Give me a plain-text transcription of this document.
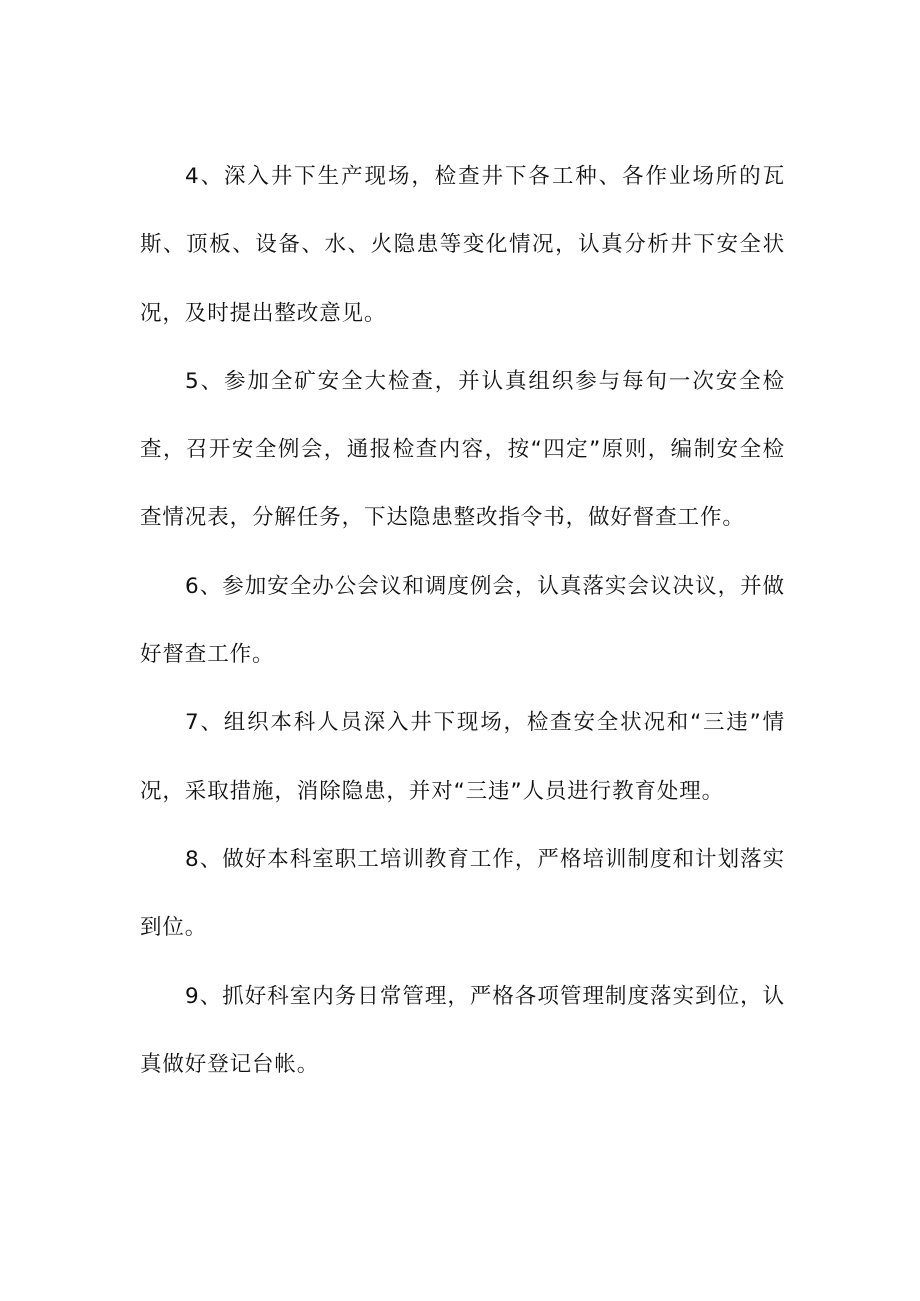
4、深入井下生产现场，检查井下各工种、各作业场所的瓦斯、顶板、设备、水、火隐患等变化情况，认真分析井下安全状况，及时提出整改意见。

5、参加全矿安全大检查，并认真组织参与每旬一次安全检查，召开安全例会，通报检查内容，按“四定”原则，编制安全检查情况表，分解任务，下达隐患整改指令书，做好督查工作。

6、参加安全办公会议和调度例会，认真落实会议决议，并做好督查工作。

7、组织本科人员深入井下现场，检查安全状况和“三违”情况，采取措施，消除隐患，并对“三违”人员进行教育处理。

8、做好本科室职工培训教育工作，严格培训制度和计划落实到位。

9、抓好科室内务日常管理，严格各项管理制度落实到位，认真做好登记台帐。
